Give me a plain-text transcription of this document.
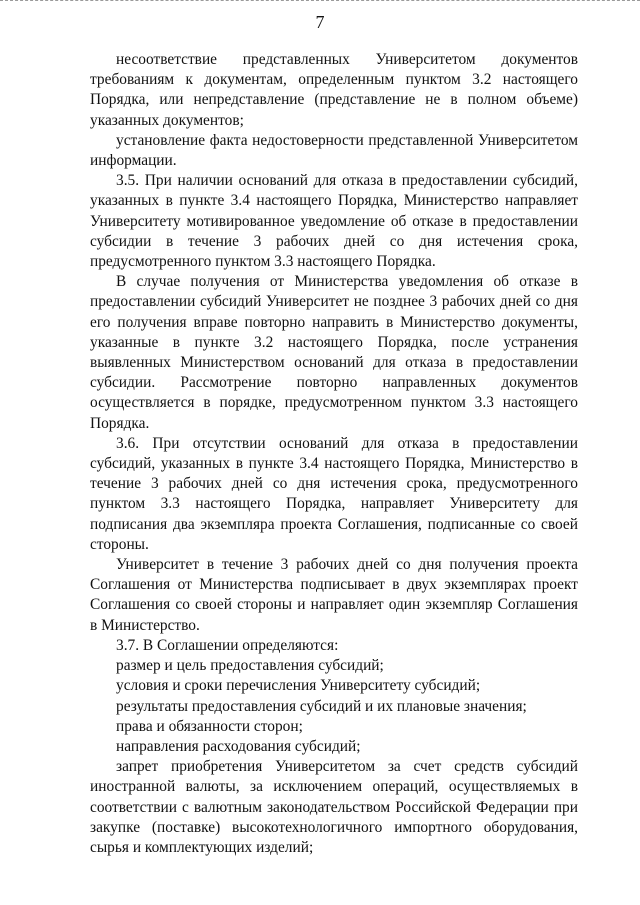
7

несоответствие представленных Университетом документов требованиям к документам, определенным пунктом 3.2 настоящего Порядка, или непредставление (представление не в полном объеме) указанных документов;

установление факта недостоверности представленной Университетом информации.

3.5. При наличии оснований для отказа в предоставлении субсидий, указанных в пункте 3.4 настоящего Порядка, Министерство направляет Университету мотивированное уведомление об отказе в предоставлении субсидии в течение 3 рабочих дней со дня истечения срока, предусмотренного пунктом 3.3 настоящего Порядка.

В случае получения от Министерства уведомления об отказе в предоставлении субсидий Университет не позднее 3 рабочих дней со дня его получения вправе повторно направить в Министерство документы, указанные в пункте 3.2 настоящего Порядка, после устранения выявленных Министерством оснований для отказа в предоставлении субсидии. Рассмотрение повторно направленных документов осуществляется в порядке, предусмотренном пунктом 3.3 настоящего Порядка.

3.6. При отсутствии оснований для отказа в предоставлении субсидий, указанных в пункте 3.4 настоящего Порядка, Министерство в течение 3 рабочих дней со дня истечения срока, предусмотренного пунктом 3.3 настоящего Порядка, направляет Университету для подписания два экземпляра проекта Соглашения, подписанные со своей стороны.

Университет в течение 3 рабочих дней со дня получения проекта Соглашения от Министерства подписывает в двух экземплярах проект Соглашения со своей стороны и направляет один экземпляр Соглашения в Министерство.

3.7. В Соглашении определяются:

размер и цель предоставления субсидий;

условия и сроки перечисления Университету субсидий;

результаты предоставления субсидий и их плановые значения;

права и обязанности сторон;

направления расходования субсидий;

запрет приобретения Университетом за счет средств субсидий иностранной валюты, за исключением операций, осуществляемых в соответствии с валютным законодательством Российской Федерации при закупке (поставке) высокотехнологичного импортного оборудования, сырья и комплектующих изделий;
